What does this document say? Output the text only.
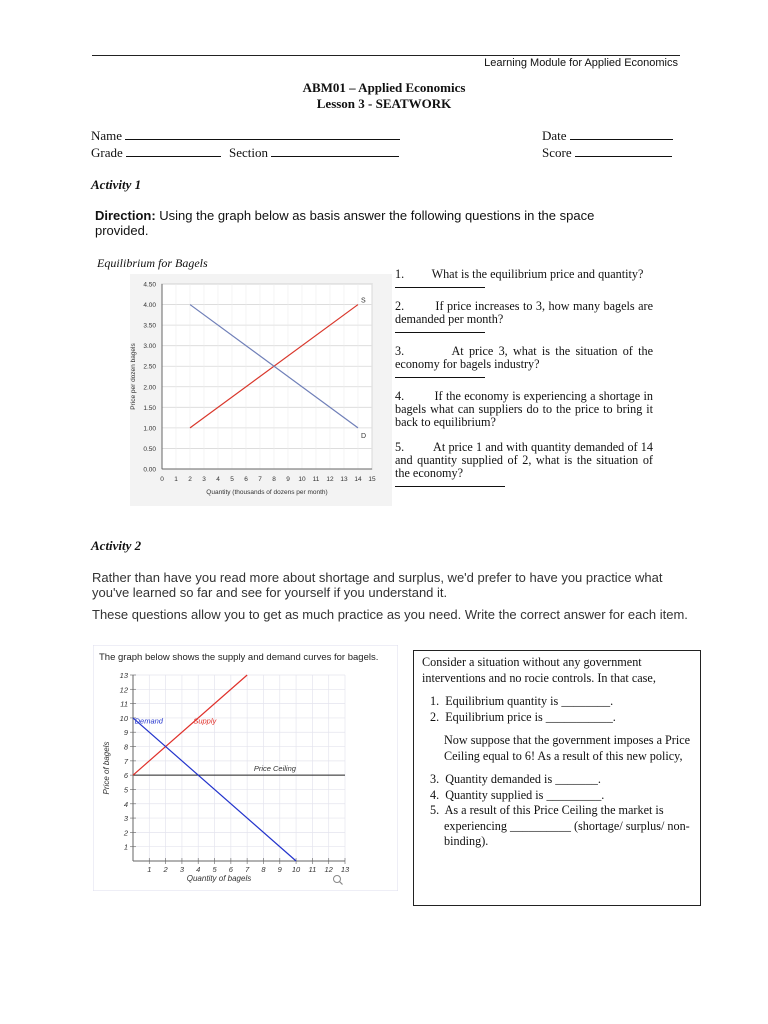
Learning Module for Applied Economics
ABM01 – Applied Economics
Lesson 3 - SEATWORK
Name	Date
Grade	Section	Score
Activity 1
Direction: Using the graph below as basis answer the following questions in the space provided.
Equilibrium for Bagels
0.00
0.50
1.00
1.50
2.00
2.50
3.00
3.50
4.00
4.50
0 1 2 3 4 5 6 7 8 9 10 11 12 13 14 15
S
D
Quantity (thousands of dozens per month)
Price per dozen bagels
1. What is the equilibrium price and quantity?
2.	If price increases to 3, how many bagels are demanded per month?
3.	At price 3, what is the situation of the economy for bagels industry?
4. If the economy is experiencing a shortage in bagels what can suppliers do to the price to bring it back to equilibrium?
5. At price 1 and with quantity demanded of 14 and quantity supplied of 2, what is the situation of the economy?
Activity 2
Rather than have you read more about shortage and surplus, we'd prefer to have you practice what you've learned so far and see for yourself if you understand it.
These questions allow you to get as much practice as you need. Write the correct answer for each item.
The graph below shows the supply and demand curves for bagels.
1
2
3
4
5
6
7
8
9
10
11
12
13
1 2 3 4 5 6 7 8 9 10 11 12 13
Price Ceiling
Demand	Supply
Quantity of bagels
Price of bagels
Consider a situation without any government interventions and no rocie controls. In that case,
1. Equilibrium quantity is ________.
2. Equilibrium price is ___________.
Now suppose that the government imposes a Price Ceiling equal to 6! As a result of this new policy,
3. Quantity demanded is _______.
4. Quantity supplied is _________.
5. As a result of this Price Ceiling the market is experiencing __________ (shortage/ surplus/ non-binding).
